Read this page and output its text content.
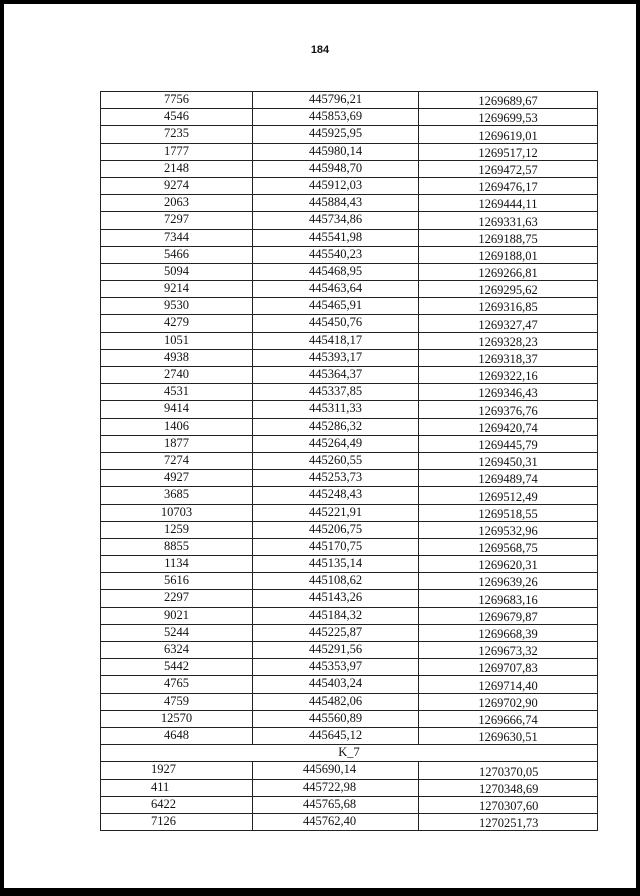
184
7756	445796,21	1269689,67
4546	445853,69	1269699,53
7235	445925,95	1269619,01
1777	445980,14	1269517,12
2148	445948,70	1269472,57
9274	445912,03	1269476,17
2063	445884,43	1269444,11
7297	445734,86	1269331,63
7344	445541,98	1269188,75
5466	445540,23	1269188,01
5094	445468,95	1269266,81
9214	445463,64	1269295,62
9530	445465,91	1269316,85
4279	445450,76	1269327,47
1051	445418,17	1269328,23
4938	445393,17	1269318,37
2740	445364,37	1269322,16
4531	445337,85	1269346,43
9414	445311,33	1269376,76
1406	445286,32	1269420,74
1877	445264,49	1269445,79
7274	445260,55	1269450,31
4927	445253,73	1269489,74
3685	445248,43	1269512,49
10703	445221,91	1269518,55
1259	445206,75	1269532,96
8855	445170,75	1269568,75
1134	445135,14	1269620,31
5616	445108,62	1269639,26
2297	445143,26	1269683,16
9021	445184,32	1269679,87
5244	445225,87	1269668,39
6324	445291,56	1269673,32
5442	445353,97	1269707,83
4765	445403,24	1269714,40
4759	445482,06	1269702,90
12570	445560,89	1269666,74
4648	445645,12	1269630,51
K_7		
1927	445690,14	1270370,05
411	445722,98	1270348,69
6422	445765,68	1270307,60
7126	445762,40	1270251,73
